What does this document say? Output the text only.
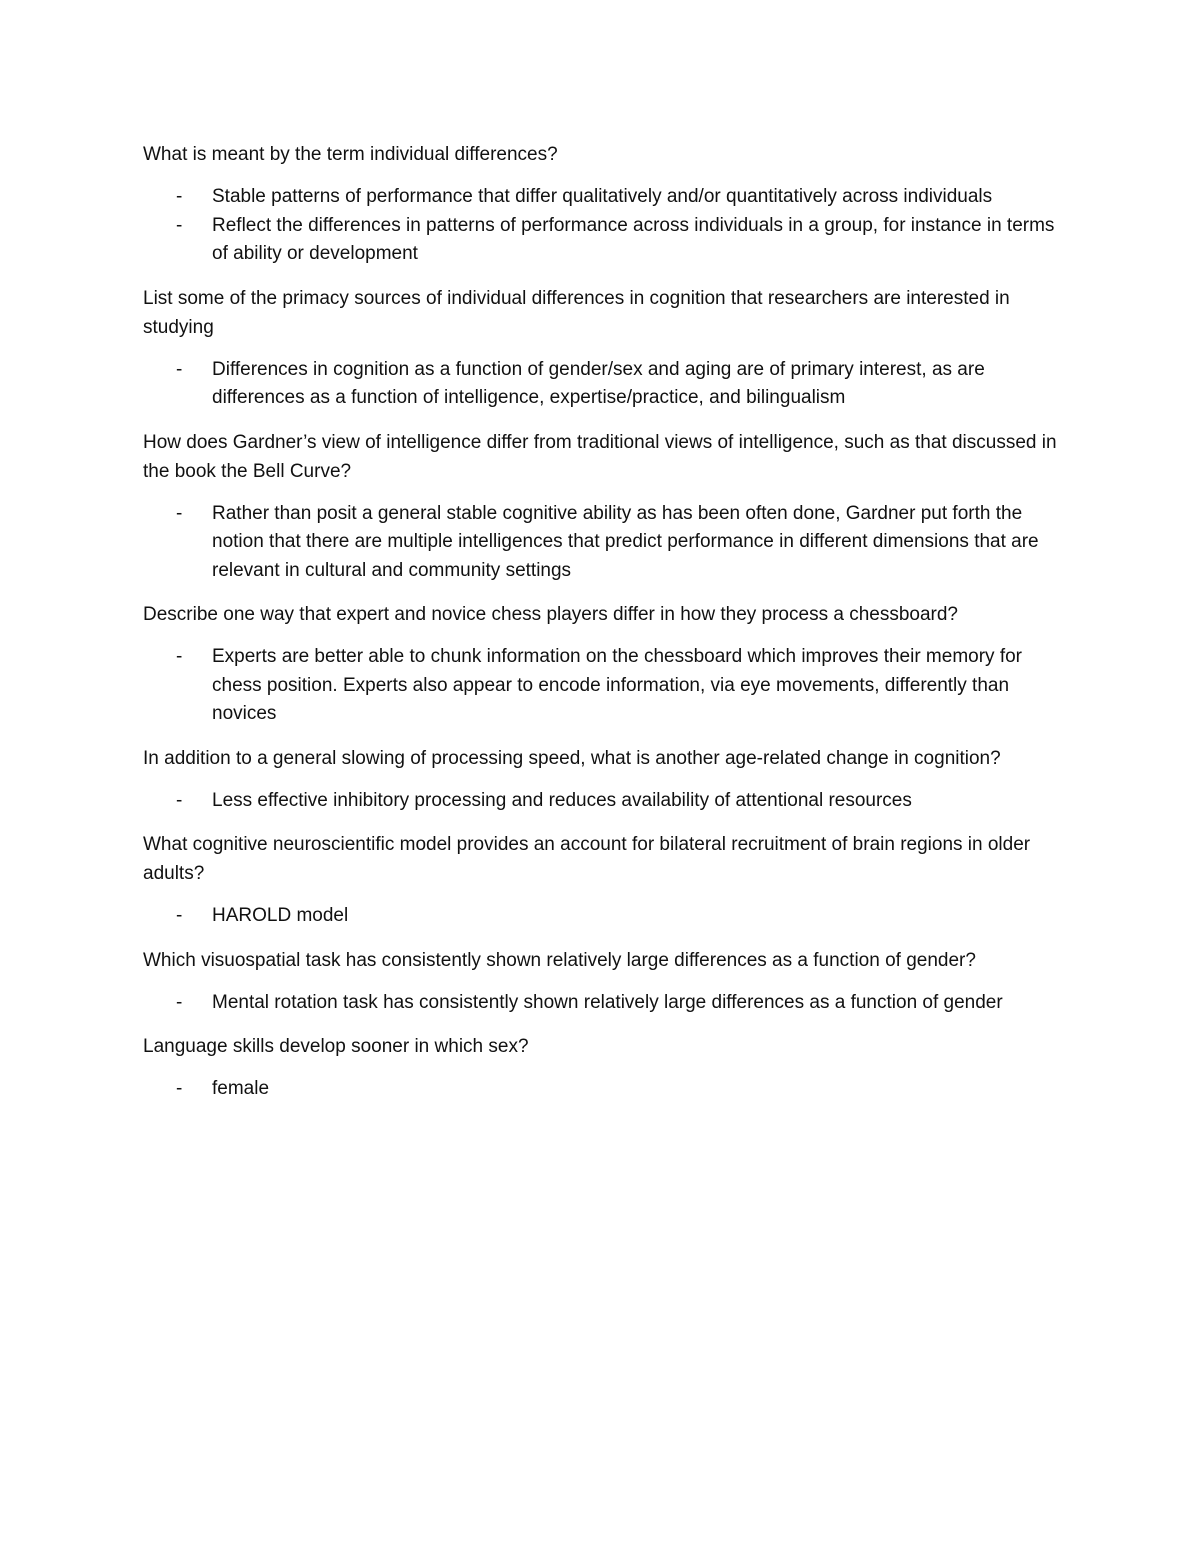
What is meant by the term individual differences?

- Stable patterns of performance that differ qualitatively and/or quantitatively across individuals
- Reflect the differences in patterns of performance across individuals in a group, for instance in terms of ability or development

List some of the primacy sources of individual differences in cognition that researchers are interested in studying

- Differences in cognition as a function of gender/sex and aging are of primary interest, as are differences as a function of intelligence, expertise/practice, and bilingualism

How does Gardner’s view of intelligence differ from traditional views of intelligence, such as that discussed in the book the Bell Curve?

- Rather than posit a general stable cognitive ability as has been often done, Gardner put forth the notion that there are multiple intelligences that predict performance in different dimensions that are relevant in cultural and community settings

Describe one way that expert and novice chess players differ in how they process a chessboard?

- Experts are better able to chunk information on the chessboard which improves their memory for chess position. Experts also appear to encode information, via eye movements, differently than novices

In addition to a general slowing of processing speed, what is another age-related change in cognition?

- Less effective inhibitory processing and reduces availability of attentional resources

What cognitive neuroscientific model provides an account for bilateral recruitment of brain regions in older adults?

- HAROLD model

Which visuospatial task has consistently shown relatively large differences as a function of gender?

- Mental rotation task has consistently shown relatively large differences as a function of gender

Language skills develop sooner in which sex?

- female
